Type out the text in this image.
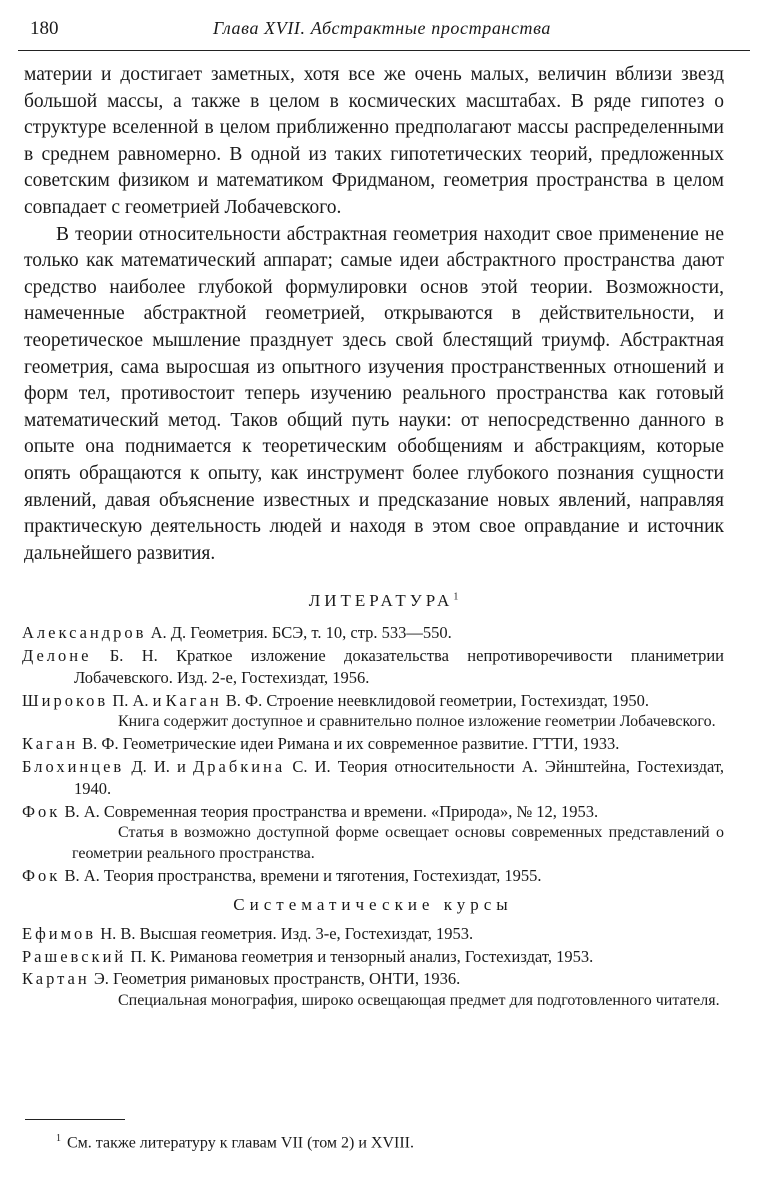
180	Глава XVII. Абстрактные пространства

материи и достигает заметных, хотя все же очень малых, величин вблизи звезд большой массы, а также в целом в космических масштабах. В ряде гипотез о структуре вселенной в целом приближенно предполагают массы распределенными в среднем равномерно. В одной из таких гипотетических теорий, предложенных советским физиком и математиком Фридманом, геометрия пространства в целом совпадает с геометрией Лобачевского.

В теории относительности абстрактная геометрия находит свое применение не только как математический аппарат; самые идеи абстрактного пространства дают средство наиболее глубокой формулировки основ этой теории. Возможности, намеченные абстрактной геометрией, открываются в действительности, и теоретическое мышление празднует здесь свой блестящий триумф. Абстрактная геометрия, сама выросшая из опытного изучения пространственных отношений и форм тел, противостоит теперь изучению реального пространства как готовый математический метод. Таков общий путь науки: от непосредственно данного в опыте она поднимается к теоретическим обобщениям и абстракциям, которые опять обращаются к опыту, как инструмент более глубокого познания сущности явлений, давая объяснение известных и предсказание новых явлений, направляя практическую деятельность людей и находя в этом свое оправдание и источник дальнейшего развития.

ЛИТЕРАТУРА$^1$

Александров А. Д. Геометрия. БСЭ, т. 10, стр. 533—550.

Делоне Б. Н. Краткое изложение доказательства непротиворечивости планиметрии Лобачевского. Изд. 2-е, Гостехиздат, 1956.

Широков П. А. и Каган В. Ф. Строение неевклидовой геометрии, Гостехиздат, 1950.

Книга содержит доступное и сравнительно полное изложение геометрии Лобачевского.

Каган В. Ф. Геометрические идеи Римана и их современное развитие. ГТТИ, 1933.

Блохинцев Д. И. и Драбкина С. И. Теория относительности А. Эйнштейна, Гостехиздат, 1940.

Фок В. А. Современная теория пространства и времени. «Природа», № 12, 1953.

Статья в возможно доступной форме освещает основы современных представлений о геометрии реального пространства.

Фок В. А. Теория пространства, времени и тяготения, Гостехиздат, 1955.

Систематические курсы

Ефимов Н. В. Высшая геометрия. Изд. 3-е, Гостехиздат, 1953.

Рашевский П. К. Риманова геометрия и тензорный анализ, Гостехиздат, 1953.

Картан Э. Геометрия римановых пространств, ОНТИ, 1936.

Специальная монография, широко освещающая предмет для подготовленного читателя.

$^1$ См. также литературу к главам VII (том 2) и XVIII.
